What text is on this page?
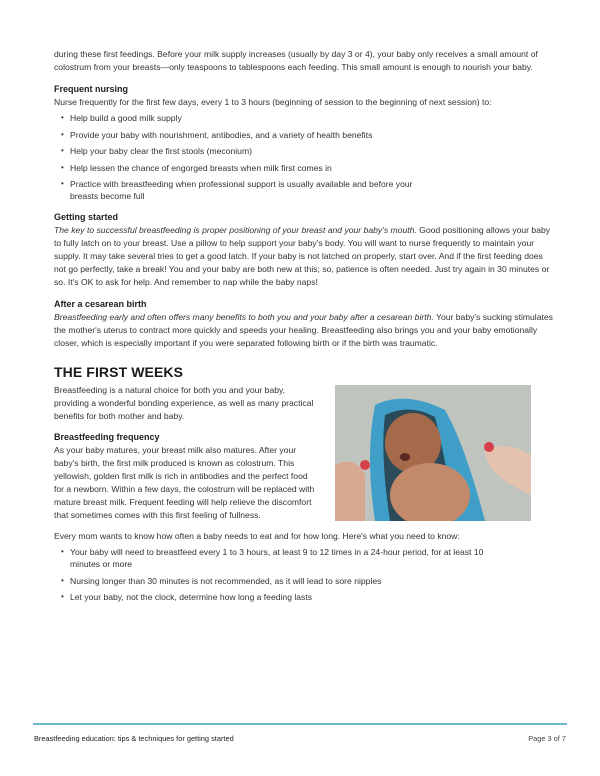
during these first feedings. Before your milk supply increases (usually by day 3 or 4), your baby only receives a small amount of colostrum from your breasts—only teaspoons to tablespoons each feeding. This small amount is enough to nourish your baby.

Frequent nursing

Nurse frequently for the first few days, every 1 to 3 hours (beginning of session to the beginning of next session) to:

• Help build a good milk supply
• Provide your baby with nourishment, antibodies, and a variety of health benefits
• Help your baby clear the first stools (meconium)
• Help lessen the chance of engorged breasts when milk first comes in
• Practice with breastfeeding when professional support is usually available and before your breasts become full
Getting started

The key to successful breastfeeding is proper positioning of your breast and your baby's mouth. Good positioning allows your baby to fully latch on to your breast. Use a pillow to help support your baby's body. You will want to nurse frequently to maintain your supply. It may take several tries to get a good latch. If your baby is not latched on properly, start over. And if the first feeding does not go perfectly, take a break! You and your baby are both new at this; so, patience is often needed. Just try again in 30 minutes or so. It's OK to ask for help. And remember to nap while the baby naps!

After a cesarean birth

Breastfeeding early and often offers many benefits to both you and your baby after a cesarean birth. Your baby's sucking stimulates the mother's uterus to contract more quickly and speeds your healing. Breastfeeding also brings you and your baby emotionally closer, which is especially important if you were separated following birth or if the birth was traumatic.

THE FIRST WEEKS

Breastfeeding is a natural choice for both you and your baby, providing a wonderful bonding experience, as well as many practical benefits for both mother and baby.

Breastfeeding frequency

As your baby matures, your breast milk also matures. After your baby's birth, the first milk produced is known as colostrum. This yellowish, golden first milk is rich in antibodies and the perfect food for a newborn. Within a few days, the colostrum will be replaced with mature breast milk. Frequent feeding will help relieve the discomfort that sometimes comes with this first feeling of fullness.

Every mom wants to know how often a baby needs to eat and for how long. Here's what you need to know:

• Your baby will need to breastfeed every 1 to 3 hours, at least 9 to 12 times in a 24-hour period, for at least 10 minutes or more
• Nursing longer than 30 minutes is not recommended, as it will lead to sore nipples
• Let your baby, not the clock, determine how long a feeding lasts
Breastfeeding education: tips & techniques for getting started	Page 3 of 7
